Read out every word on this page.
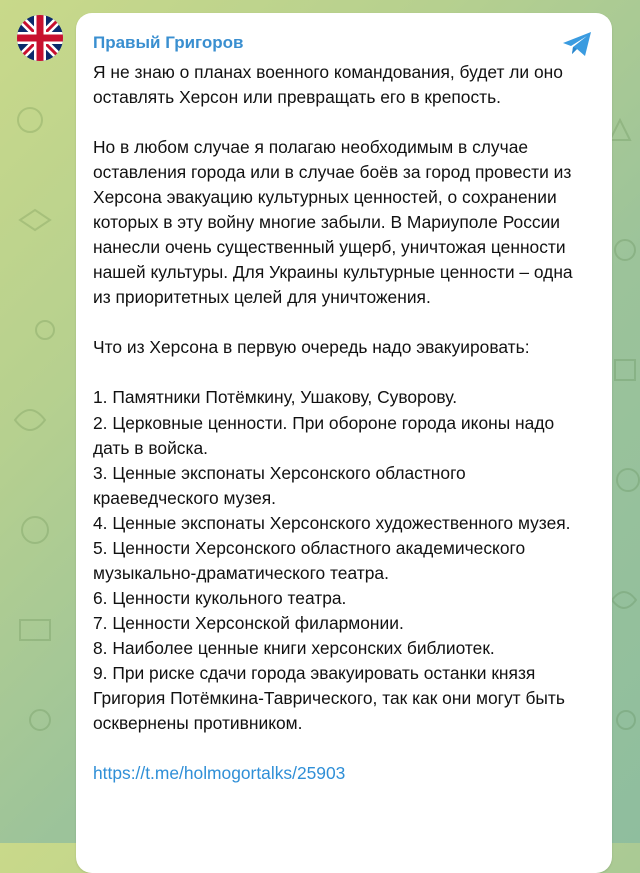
Правый Григоров

Я не знаю о планах военного командования, будет ли оно оставлять Херсон или превращать его в крепость.

Но в любом случае я полагаю необходимым в случае оставления города или в случае боёв за город провести из Херсона эвакуацию культурных ценностей, о сохранении которых в эту войну многие забыли. В Мариуполе России нанесли очень существенный ущерб, уничтожая ценности нашей культуры. Для Украины культурные ценности – одна из приоритетных целей для уничтожения.

Что из Херсона в первую очередь надо эвакуировать:

1. Памятники Потёмкину, Ушакову, Суворову.

2. Церковные ценности. При обороне города иконы надо дать в войска.

3. Ценные экспонаты Херсонского областного краеведческого музея.

4. Ценные экспонаты Херсонского художественного музея.

5. Ценности Херсонского областного академического музыкально-драматического театра.

6. Ценности кукольного театра.

7. Ценности Херсонской филармонии.

8. Наиболее ценные книги херсонских библиотек.

9. При риске сдачи города эвакуировать останки князя Григория Потёмкина-Таврического, так как они могут быть осквернены противником.

https://t.me/holmogortalks/25903
